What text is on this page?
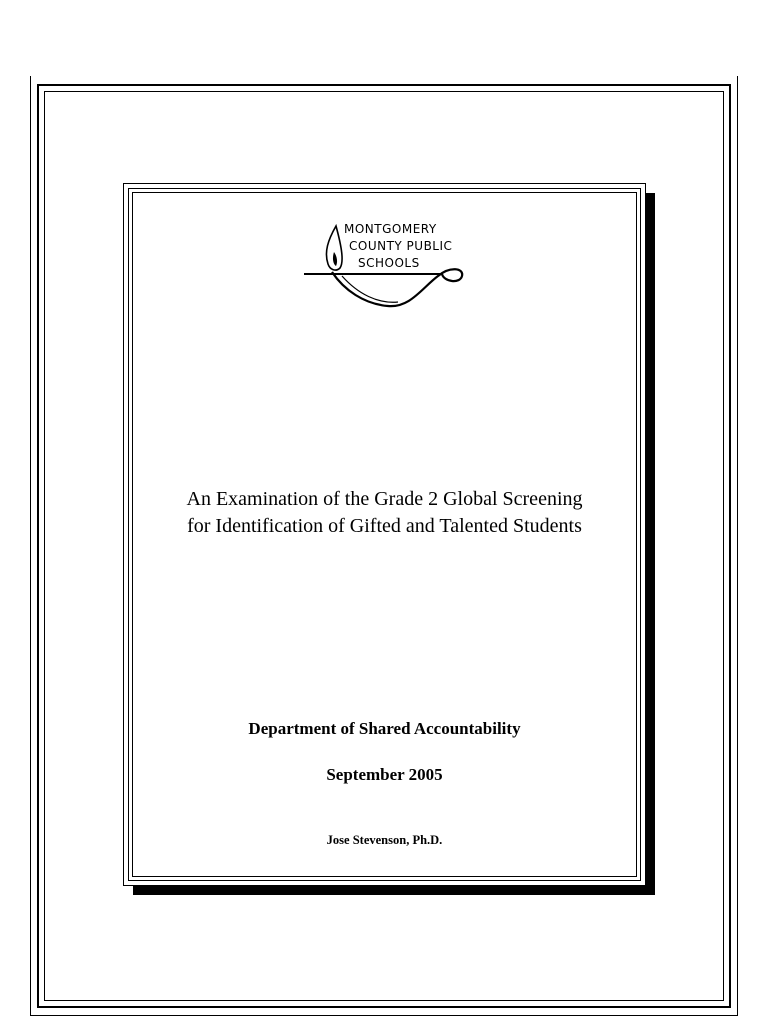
MONTGOMERY
COUNTY PUBLIC
SCHOOLS
An Examination of the Grade 2 Global Screening
for Identification of Gifted and Talented Students
Department of Shared Accountability
September 2005
Jose Stevenson, Ph.D.
